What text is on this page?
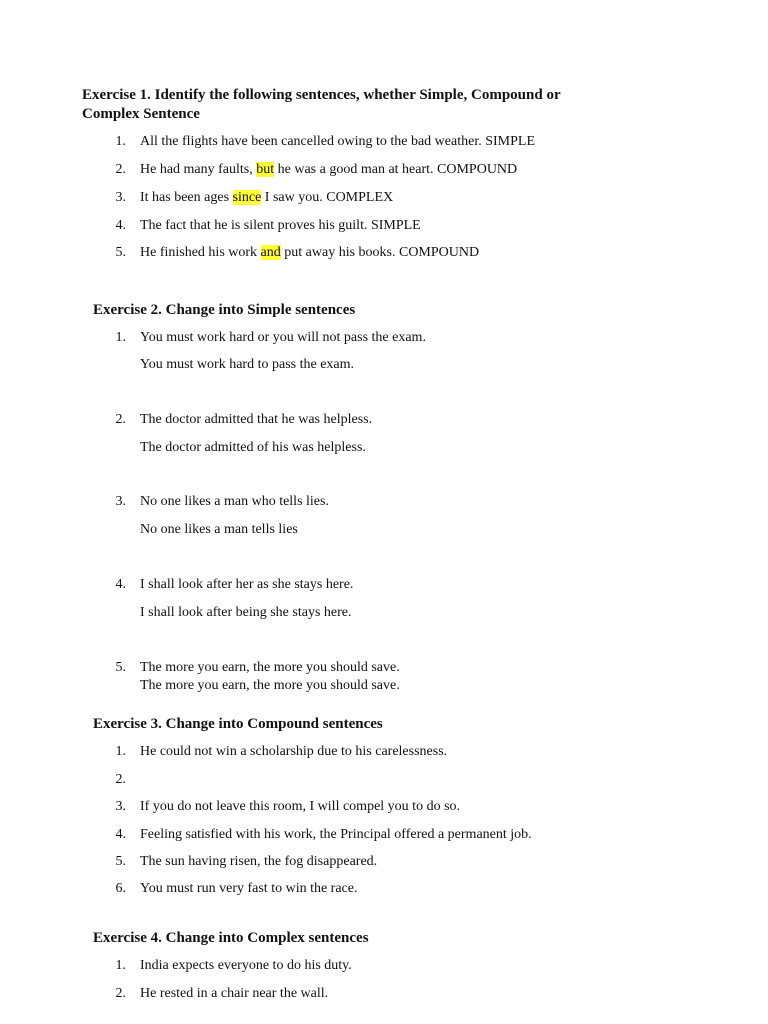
Exercise 1. Identify the following sentences, whether Simple, Compound or
Complex Sentence
1. All the flights have been cancelled owing to the bad weather. SIMPLE
2. He had many faults, but he was a good man at heart. COMPOUND
3. It has been ages since I saw you. COMPLEX
4. The fact that he is silent proves his guilt. SIMPLE
5. He finished his work and put away his books. COMPOUND
Exercise 2. Change into Simple sentences
1. You must work hard or you will not pass the exam.
You must work hard to pass the exam.
2. The doctor admitted that he was helpless.
The doctor admitted of his was helpless.
3. No one likes a man who tells lies.
No one likes a man tells lies
4. I shall look after her as she stays here.
I shall look after being she stays here.
5. The more you earn, the more you should save.
The more you earn, the more you should save.
Exercise 3. Change into Compound sentences
1. He could not win a scholarship due to his carelessness.
2.
3. If you do not leave this room, I will compel you to do so.
4. Feeling satisfied with his work, the Principal offered a permanent job.
5. The sun having risen, the fog disappeared.
6. You must run very fast to win the race.
Exercise 4. Change into Complex sentences
1. India expects everyone to do his duty.
2. He rested in a chair near the wall.
